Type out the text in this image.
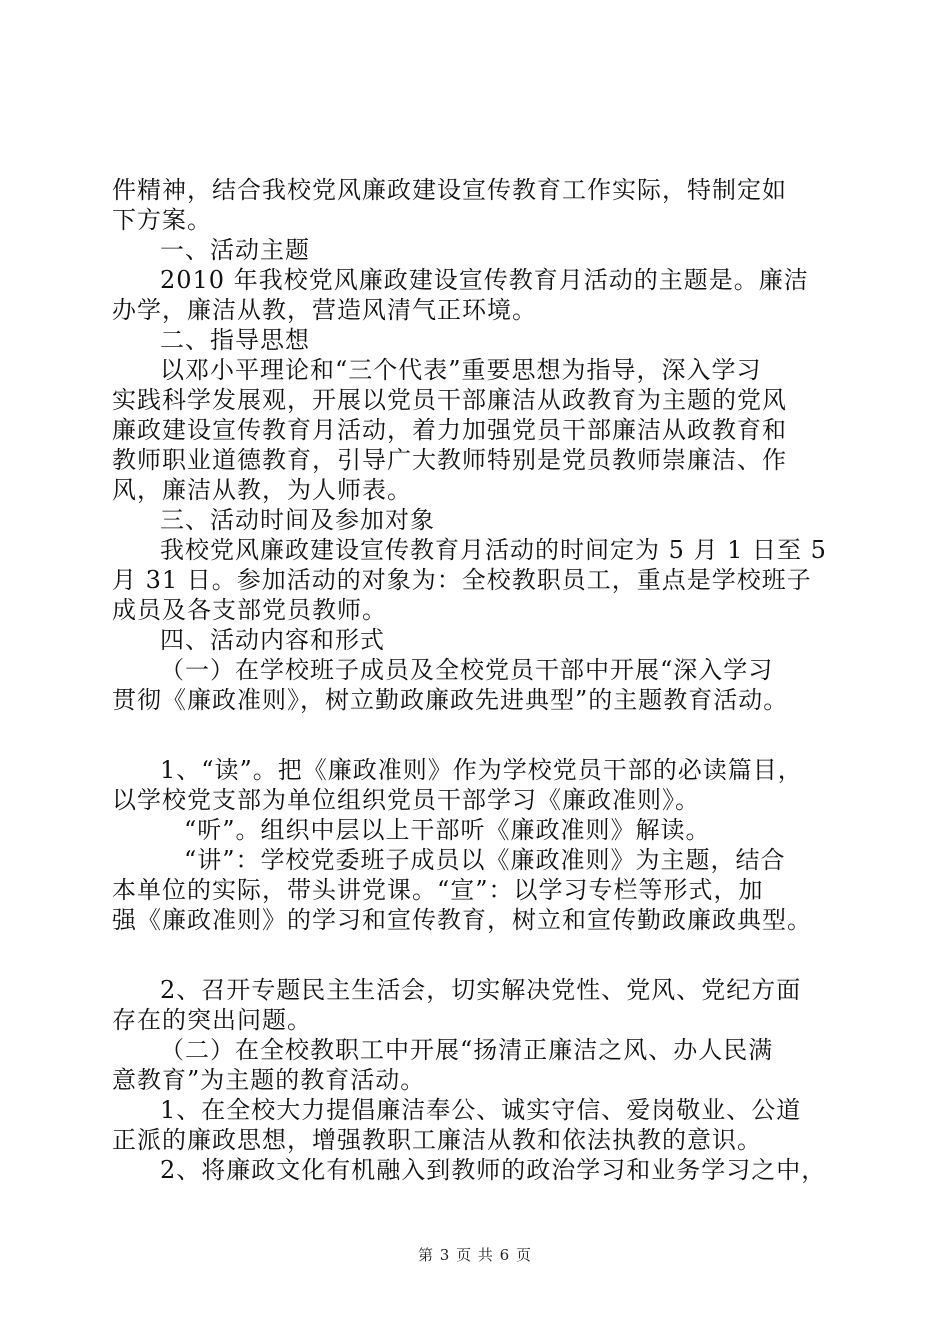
件精神，结合我校党风廉政建设宣传教育工作实际，特制定如
下方案。
一、活动主题
2010 年我校党风廉政建设宣传教育月活动的主题是。廉洁
办学，廉洁从教，营造风清气正环境。
二、指导思想
以邓小平理论和“三个代表”重要思想为指导，深入学习
实践科学发展观，开展以党员干部廉洁从政教育为主题的党风
廉政建设宣传教育月活动，着力加强党员干部廉洁从政教育和
教师职业道德教育，引导广大教师特别是党员教师崇廉洁、作
风，廉洁从教，为人师表。
三、活动时间及参加对象
我校党风廉政建设宣传教育月活动的时间定为 5 月 1 日至 5
月 31 日。参加活动的对象为：全校教职员工，重点是学校班子
成员及各支部党员教师。
四、活动内容和形式
（一）在学校班子成员及全校党员干部中开展“深入学习
贯彻《廉政准则》，树立勤政廉政先进典型”的主题教育活动。
1、“读”。把《廉政准则》作为学校党员干部的必读篇目，
以学校党支部为单位组织党员干部学习《廉政准则》。
“听”。组织中层以上干部听《廉政准则》解读。
“讲”：学校党委班子成员以《廉政准则》为主题，结合
本单位的实际，带头讲党课。“宣”：以学习专栏等形式，加
强《廉政准则》的学习和宣传教育，树立和宣传勤政廉政典型。
2、召开专题民主生活会，切实解决党性、党风、党纪方面
存在的突出问题。
（二）在全校教职工中开展“扬清正廉洁之风、办人民满
意教育”为主题的教育活动。
1、在全校大力提倡廉洁奉公、诚实守信、爱岗敬业、公道
正派的廉政思想，增强教职工廉洁从教和依法执教的意识。
2、将廉政文化有机融入到教师的政治学习和业务学习之中，
第 3 页 共 6 页
